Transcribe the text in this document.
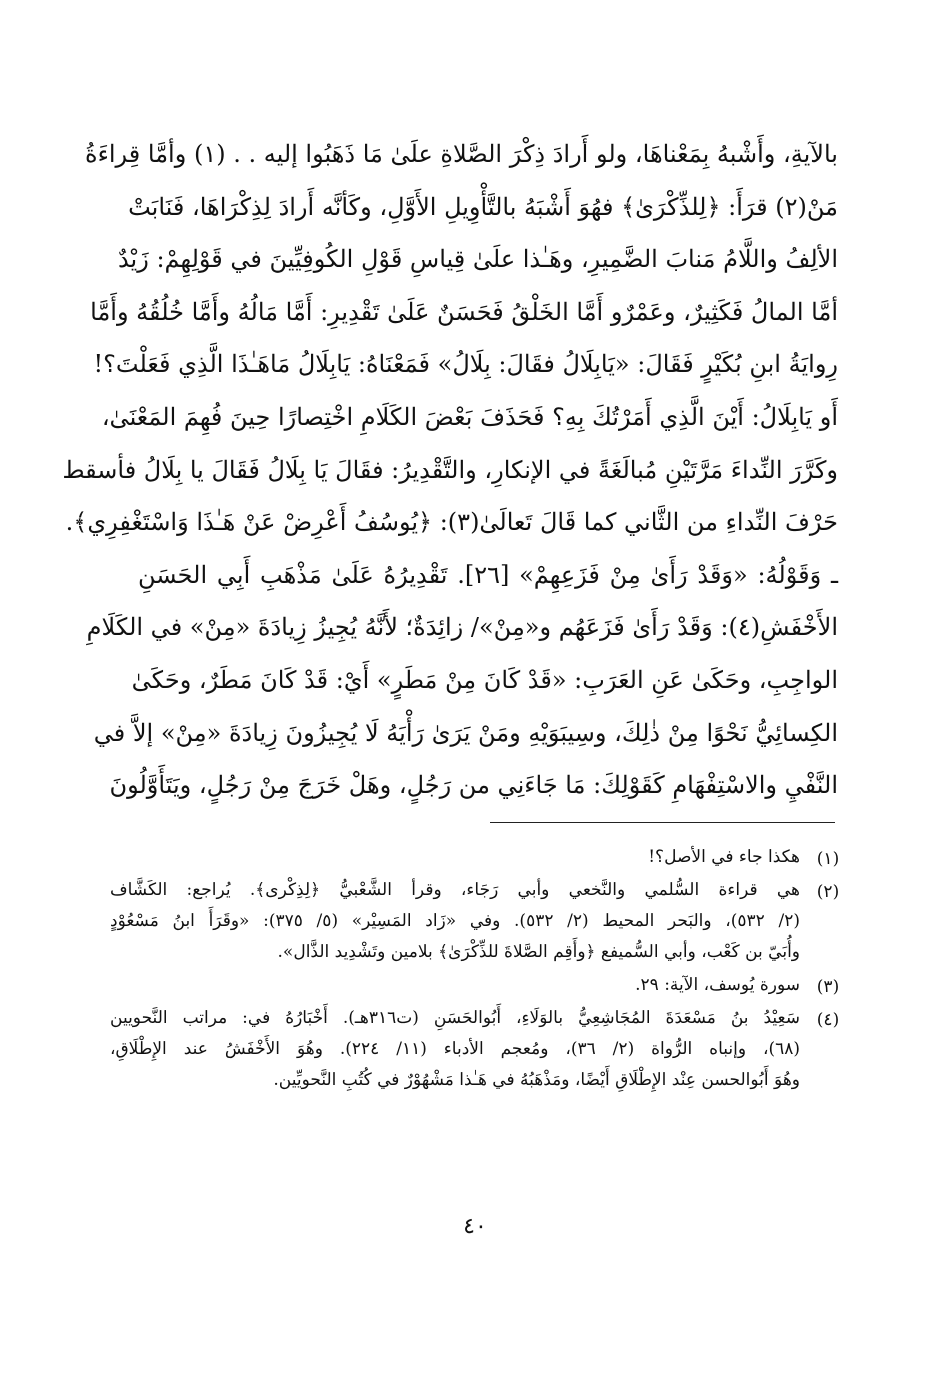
بالآيةِ، وأَشْبهُ بِمَعْناهَا، ولو أَرادَ ذِكْرَ الصَّلاةِ علَىٰ مَا ذَهَبُوا إليه . . (١) وأمَّا قِراءَةُ
مَنْ(٢) قرَأَ: ﴿لِلذِّكْرَىٰ﴾ فهُوَ أَشْبَهُ بالتَّأْوِيلِ الأَوَّلِ، وكَأنَّه أَرادَ لِذِكْرَاهَا، فَنَابَتْ
الألِفُ واللَّامُ مَنابَ الضَّمِيرِ، وهَـٰذا علَىٰ قِياسِ قَوْلِ الكُوفِيِّينَ في قَوْلِهِمْ: زَيْدٌ
أمَّا المالُ فَكَثِيرٌ، وعَمْرٌو أَمَّا الخَلْقُ فَحَسَنٌ عَلَىٰ تَقْدِيرِ: أَمَّا مَالُهُ وأَمَّا خُلُقُهُ وأَمَّا
رِوايَةُ ابنِ بُكَيْرٍ فَقَالَ: «يَابِلَالُ فقَالَ: بِلَالُ» فَمَعْنَاهُ: يَابِلَالُ مَاهَـٰذَا الَّذِي فَعَلْتَ؟!
أَو يَابِلَالُ: أَيْنَ الَّذِي أَمَرْتُكَ بِهِ؟ فَحَذَفَ بَعْضَ الكَلَامِ اخْتِصارًا حِينَ فُهِمَ المَعْنَىٰ،
وكَرَّرَ النِّداءَ مَرَّتَيْنِ مُبالَغَةً في الإنكارِ، والتَّقْدِيرُ: فقَالَ يَا بِلَالُ فَقَالَ يا بِلَالُ فأسقط
حَرْفَ النِّداءِ من الثَّاني كما قَالَ تَعالَىٰ(٣): ﴿يُوسُفُ أَعْرِضْ عَنْ هَـٰذَا وَاسْتَغْفِرِي﴾.
ـ وَقَوْلُهُ: «وَقَدْ رَأَىٰ مِنْ فَزَعِهِمْ» [٢٦]. تَقْدِيرُهُ عَلَىٰ مَذْهَبِ أَبِي الحَسَنِ
الأَخْفَشِ(٤): وَقَدْ رَأَىٰ فَزَعَهُم و«مِنْ»/ زائِدَةٌ؛ لأَنَّهُ يُجِيزُ زِيادَةَ «مِنْ» في الكَلَامِ
الواجِبِ، وحَكَىٰ عَنِ العَرَبِ: «قَدْ كَانَ مِنْ مَطَرٍ» أَيْ: قَدْ كَانَ مَطَرٌ، وحَكَىٰ
الكِسائِيُّ نَحْوًا مِنْ ذٰلِكَ، وسِيبَوَيْهِ ومَنْ يَرَىٰ رَأْيَهُ لَا يُجِيزُونَ زِيادَةَ «مِنْ» إلاَّ في
النَّفْيِ والاسْتِفْهَامِ كَقَوْلِكَ: مَا جَاءَنِي من رَجُلٍ، وهَلْ خَرَجَ مِنْ رَجُلٍ، ويَتَأَوَّلُونَ
(١)
هكذا جاء في الأصل؟!
(٢)
هي قراءة السُّلمي والنَّخعي وأبي رَجَاء، وقرأ الشَّعْبيُّ ﴿لِذِكْرى﴾. يُراجع: الكَشَّاف
(٢/ ٥٣٢)، والبَحر المحيط (٢/ ٥٣٢). وفي «زَاد المَسِيْر» (٥/ ٣٧٥): «وقَرَأَ ابنُ مَسْعُوْدٍ
وأُبَيّ بن كَعْب، وأبي السُّميفع ﴿وأَقِم الصَّلاةَ للذِّكْرَىٰ﴾ بلامين وتَشْدِيد الذَّال».
(٣)
سورة يُوسف، الآية: ٢٩.
(٤)
سَعِيْدُ بنُ مَسْعَدَةَ المُجَاشِعِيُّ بالوَلَاءِ، أَبُوالحَسَنِ (ت٣١٦هـ). أَخْبَارُهُ في: مراتب النَّحويين
(٦٨)، وإنباه الرُّواة (٢/ ٣٦)، ومُعجم الأدباء (١١/ ٢٢٤). وهُوَ الأَخْفَشُ عند الإِطْلَاقِ،
وهُوَ أَبُوالحسن عِنْد الإِطْلَاقِ أَيْضًا، ومَذْهَبُهُ في هَـٰذا مَشْهُوْرٌ في كُتُبِ النَّحويِّين.
٤٠
